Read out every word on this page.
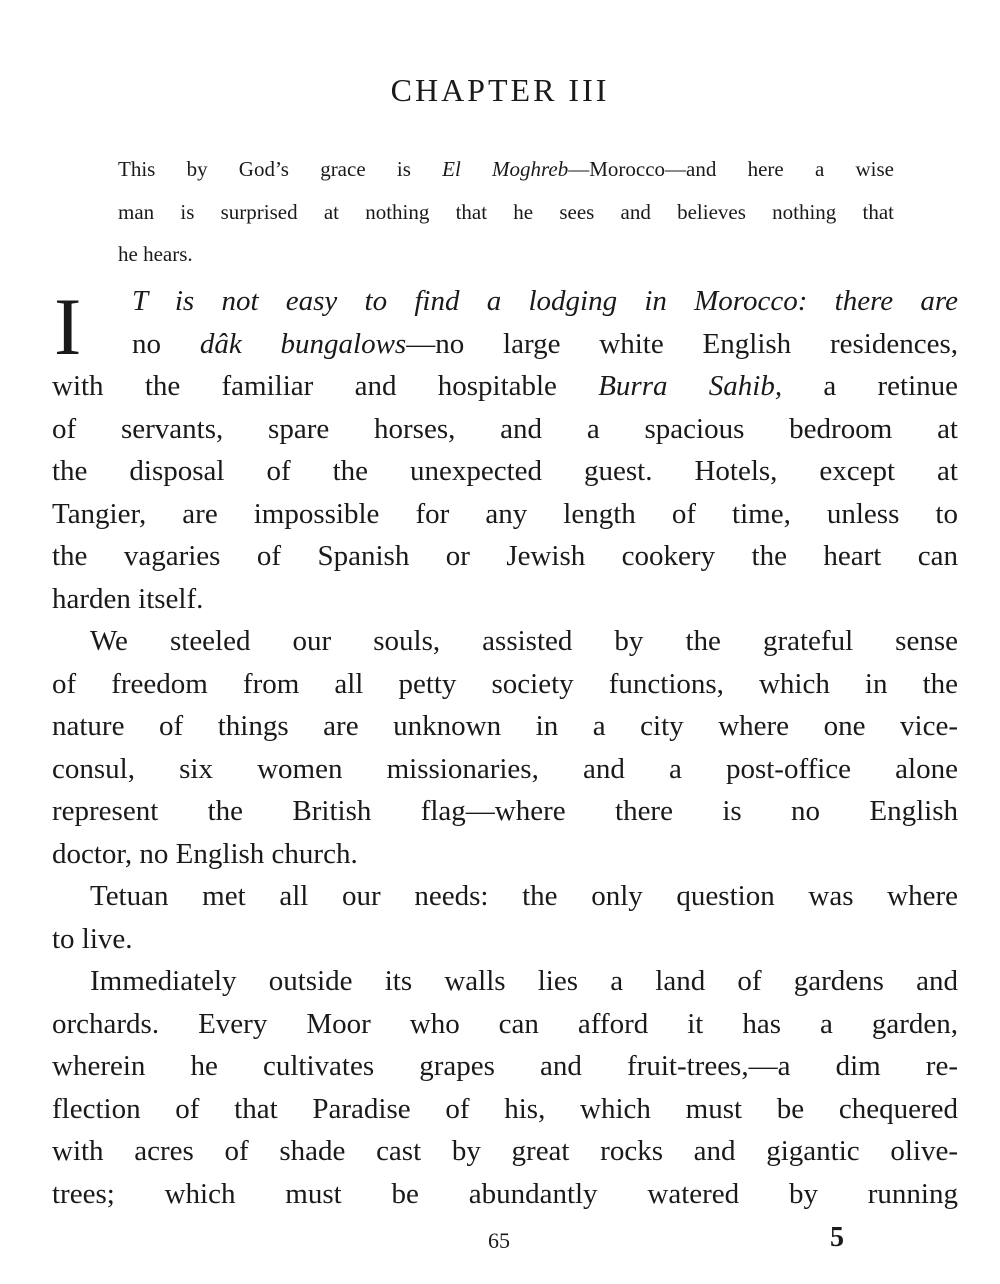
CHAPTER III
This by God’s grace is El Moghreb—Morocco—and here a wise
man is surprised at nothing that he sees and believes nothing that
he hears.
I	T is not easy to find a lodging in Morocco: there are
no dâk bungalows—no large white English residences,
with the familiar and hospitable Burra Sahib, a retinue
of servants, spare horses, and a spacious bedroom at
the disposal of the unexpected guest. Hotels, except at
Tangier, are impossible for any length of time, unless to
the vagaries of Spanish or Jewish cookery the heart can
harden itself.
We steeled our souls, assisted by the grateful sense
of freedom from all petty society functions, which in the
nature of things are unknown in a city where one vice-
consul, six women missionaries, and a post-office alone
represent the British flag—where there is no English
doctor, no English church.
Tetuan met all our needs: the only question was where
to live.
Immediately outside its walls lies a land of gardens and
orchards. Every Moor who can afford it has a garden,
wherein he cultivates grapes and fruit-trees,—a dim re-
flection of that Paradise of his, which must be chequered
with acres of shade cast by great rocks and gigantic olive-
trees; which must be abundantly watered by running
65	5
